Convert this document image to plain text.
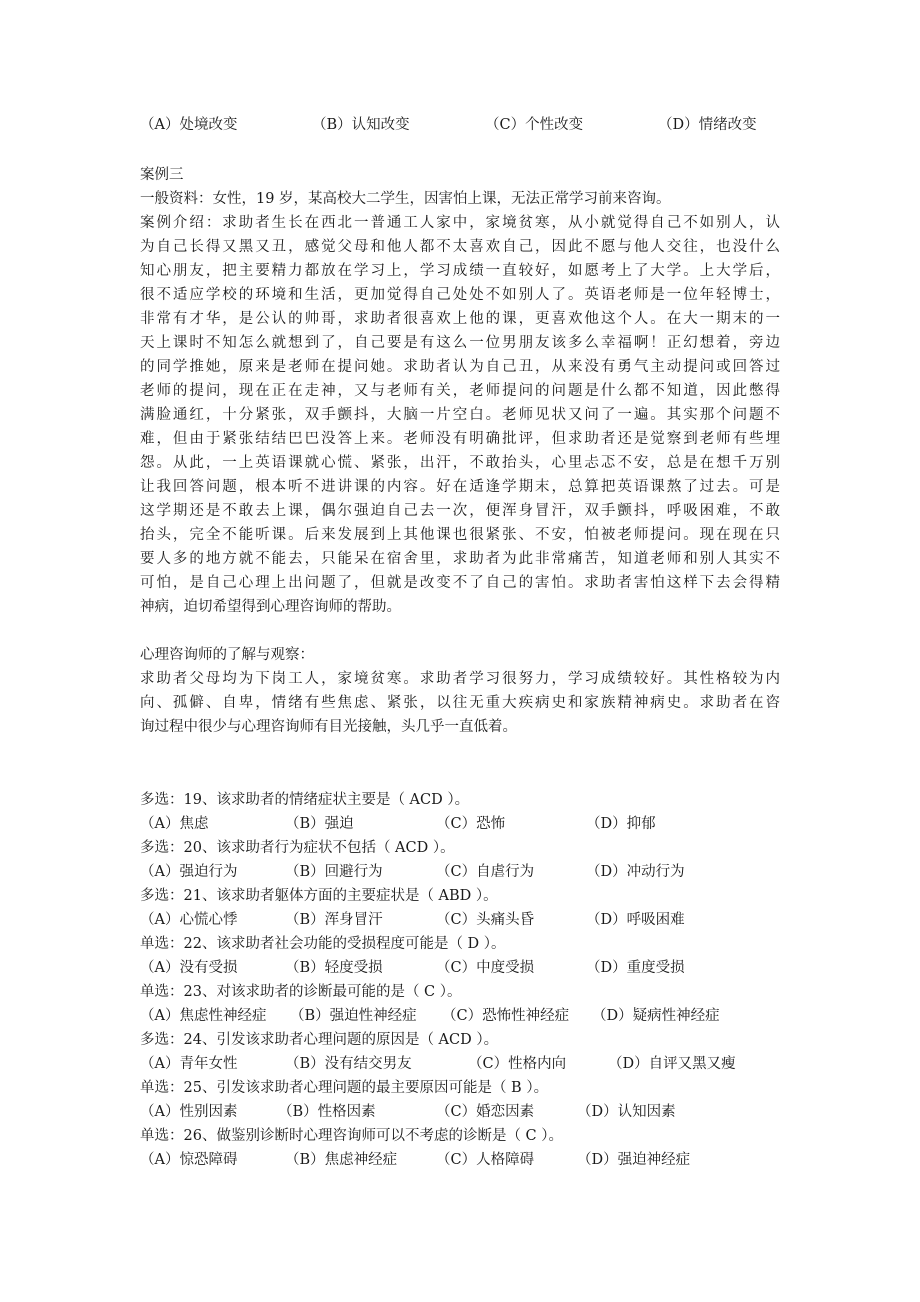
（A）处境改变	（B）认知改变	（C）个性改变	（D）情绪改变
案例三
一般资料：女性，19 岁，某高校大二学生，因害怕上课，无法正常学习前来咨询。
案例介绍：求助者生长在西北一普通工人家中，家境贫寒，从小就觉得自己不如别人，认
为自己长得又黑又丑，感觉父母和他人都不太喜欢自己，因此不愿与他人交往，也没什么
知心朋友，把主要精力都放在学习上，学习成绩一直较好，如愿考上了大学。上大学后，
很不适应学校的环境和生活，更加觉得自己处处不如别人了。英语老师是一位年轻博士，
非常有才华，是公认的帅哥，求助者很喜欢上他的课，更喜欢他这个人。在大一期末的一
天上课时不知怎么就想到了，自己要是有这么一位男朋友该多么幸福啊！正幻想着，旁边
的同学推她，原来是老师在提问她。求助者认为自己丑，从来没有勇气主动提问或回答过
老师的提问，现在正在走神，又与老师有关，老师提问的问题是什么都不知道，因此憋得
满脸通红，十分紧张，双手颤抖，大脑一片空白。老师见状又问了一遍。其实那个问题不
难，但由于紧张结结巴巴没答上来。老师没有明确批评，但求助者还是觉察到老师有些埋
怨。从此，一上英语课就心慌、紧张，出汗，不敢抬头，心里忐忑不安，总是在想千万别
让我回答问题，根本听不进讲课的内容。好在适逢学期末，总算把英语课熬了过去。可是
这学期还是不敢去上课，偶尔强迫自己去一次，便浑身冒汗，双手颤抖，呼吸困难，不敢
抬头，完全不能听课。后来发展到上其他课也很紧张、不安，怕被老师提问。现在现在只
要人多的地方就不能去，只能呆在宿舍里，求助者为此非常痛苦，知道老师和别人其实不
可怕，是自己心理上出问题了，但就是改变不了自己的害怕。求助者害怕这样下去会得精
神病，迫切希望得到心理咨询师的帮助。
心理咨询师的了解与观察：
求助者父母均为下岗工人，家境贫寒。求助者学习很努力，学习成绩较好。其性格较为内
向、孤僻、自卑，情绪有些焦虑、紧张，以往无重大疾病史和家族精神病史。求助者在咨
询过程中很少与心理咨询师有目光接触，头几乎一直低着。
多选：19、该求助者的情绪症状主要是（ ACD ）。
（A）焦虑	（B）强迫	（C）恐怖	（D）抑郁
多选：20、该求助者行为症状不包括（ ACD ）。
（A）强迫行为	（B）回避行为	（C）自虐行为	（D）冲动行为
多选：21、该求助者躯体方面的主要症状是（ ABD ）。
（A）心慌心悸	（B）浑身冒汗	（C）头痛头昏	（D）呼吸困难
单选：22、该求助者社会功能的受损程度可能是（ D ）。
（A）没有受损	（B）轻度受损	（C）中度受损	（D）重度受损
单选：23、对该求助者的诊断最可能的是（ C ）。
（A）焦虑性神经症 （B）强迫性神经症 （C）恐怖性神经症 （D）疑病性神经症
多选：24、引发该求助者心理问题的原因是（ ACD ）。
（A）青年女性	（B）没有结交男友	（C）性格内向	（D）自评又黑又瘦
单选：25、引发该求助者心理问题的最主要原因可能是（ B ）。
（A）性别因素	（B）性格因素	（C）婚恋因素	（D）认知因素
单选：26、做鉴别诊断时心理咨询师可以不考虑的诊断是（ C ）。
（A）惊恐障碍	（B）焦虑神经症	（C）人格障碍	（D）强迫神经症
